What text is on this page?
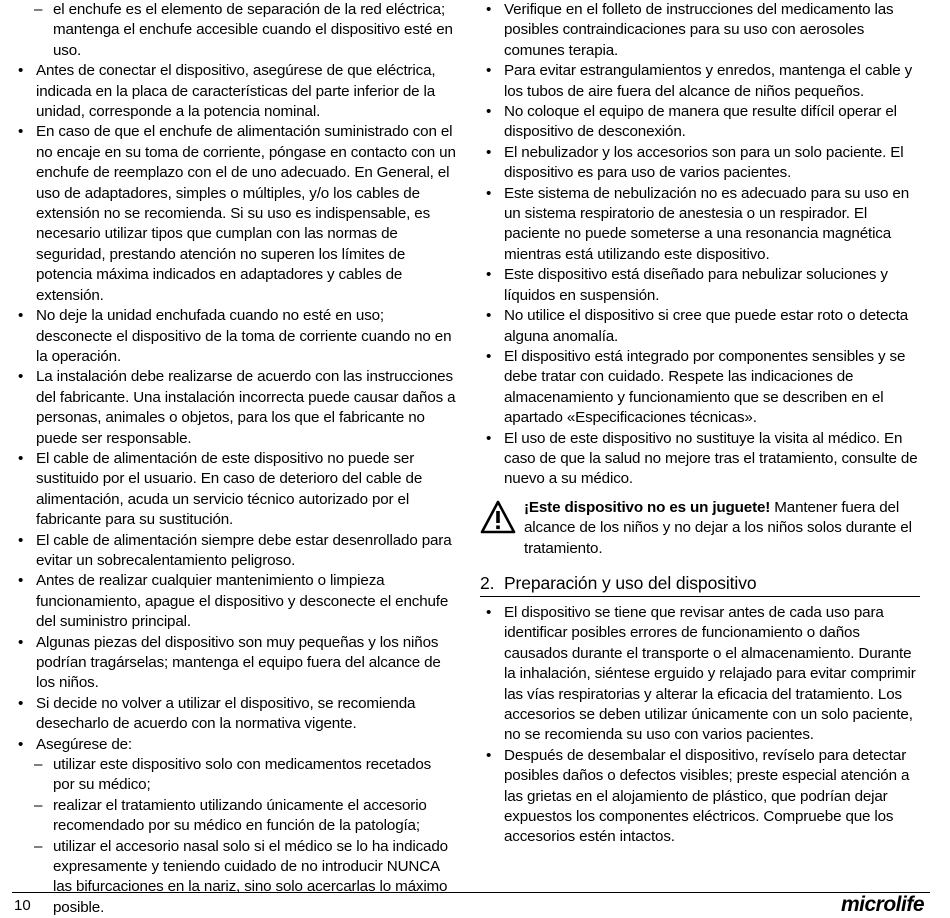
– el enchufe es el elemento de separación de la red eléctrica; mantenga el enchufe accesible cuando el dispositivo esté en uso.
• Antes de conectar el dispositivo, asegúrese de que eléctrica, indicada en la placa de características del parte inferior de la unidad, corresponde a la potencia nominal.
• En caso de que el enchufe de alimentación suministrado con el no encaje en su toma de corriente, póngase en contacto con un enchufe de reemplazo con el de uno adecuado. En General, el uso de adaptadores, simples o múltiples, y/o los cables de extensión no se recomienda. Si su uso es indispensable, es necesario utilizar tipos que cumplan con las normas de seguridad, prestando atención no superen los límites de potencia máxima indicados en adaptadores y cables de extensión.
• No deje la unidad enchufada cuando no esté en uso; desconecte el dispositivo de la toma de corriente cuando no en la operación.
• La instalación debe realizarse de acuerdo con las instrucciones del fabricante. Una instalación incorrecta puede causar daños a personas, animales o objetos, para los que el fabricante no puede ser responsable.
• El cable de alimentación de este dispositivo no puede ser sustituido por el usuario. En caso de deterioro del cable de alimentación, acuda un servicio técnico autorizado por el fabricante para su sustitución.
• El cable de alimentación siempre debe estar desenrollado para evitar un sobrecalentamiento peligroso.
• Antes de realizar cualquier mantenimiento o limpieza funcionamiento, apague el dispositivo y desconecte el enchufe del suministro principal.
• Algunas piezas del dispositivo son muy pequeñas y los niños podrían tragárselas; mantenga el equipo fuera del alcance de los niños.
• Si decide no volver a utilizar el dispositivo, se recomienda desecharlo de acuerdo con la normativa vigente.
• Asegúrese de:
– utilizar este dispositivo solo con medicamentos recetados por su médico;
– realizar el tratamiento utilizando únicamente el accesorio recomendado por su médico en función de la patología;
– utilizar el accesorio nasal solo si el médico se lo ha indicado expresamente y teniendo cuidado de no introducir NUNCA las bifurcaciones en la nariz, sino solo acercarlas lo máximo posible.
• Verifique en el folleto de instrucciones del medicamento las posibles contraindicaciones para su uso con aerosoles comunes terapia.
• Para evitar estrangulamientos y enredos, mantenga el cable y los tubos de aire fuera del alcance de niños pequeños.
• No coloque el equipo de manera que resulte difícil operar el dispositivo de desconexión.
• El nebulizador y los accesorios son para un solo paciente. El dispositivo es para uso de varios pacientes.
• Este sistema de nebulización no es adecuado para su uso en un sistema respiratorio de anestesia o un respirador. El paciente no puede someterse a una resonancia magnética mientras está utilizando este dispositivo.
• Este dispositivo está diseñado para nebulizar soluciones y líquidos en suspensión.
• No utilice el dispositivo si cree que puede estar roto o detecta alguna anomalía.
• El dispositivo está integrado por componentes sensibles y se debe tratar con cuidado. Respete las indicaciones de almacenamiento y funcionamiento que se describen en el apartado «Especificaciones técnicas».
• El uso de este dispositivo no sustituye la visita al médico. En caso de que la salud no mejore tras el tratamiento, consulte de nuevo a su médico.
¡Este dispositivo no es un juguete! Mantener fuera del alcance de los niños y no dejar a los niños solos durante el tratamiento.
2. Preparación y uso del dispositivo
• El dispositivo se tiene que revisar antes de cada uso para identificar posibles errores de funcionamiento o daños causados durante el transporte o el almacenamiento. Durante la inhalación, siéntese erguido y relajado para evitar comprimir las vías respiratorias y alterar la eficacia del tratamiento. Los accesorios se deben utilizar únicamente con un solo paciente, no se recomienda su uso con varios pacientes.
• Después de desembalar el dispositivo, revíselo para detectar posibles daños o defectos visibles; preste especial atención a las grietas en el alojamiento de plástico, que podrían dejar expuestos los componentes eléctricos. Compruebe que los accesorios estén intactos.
10	microlife
